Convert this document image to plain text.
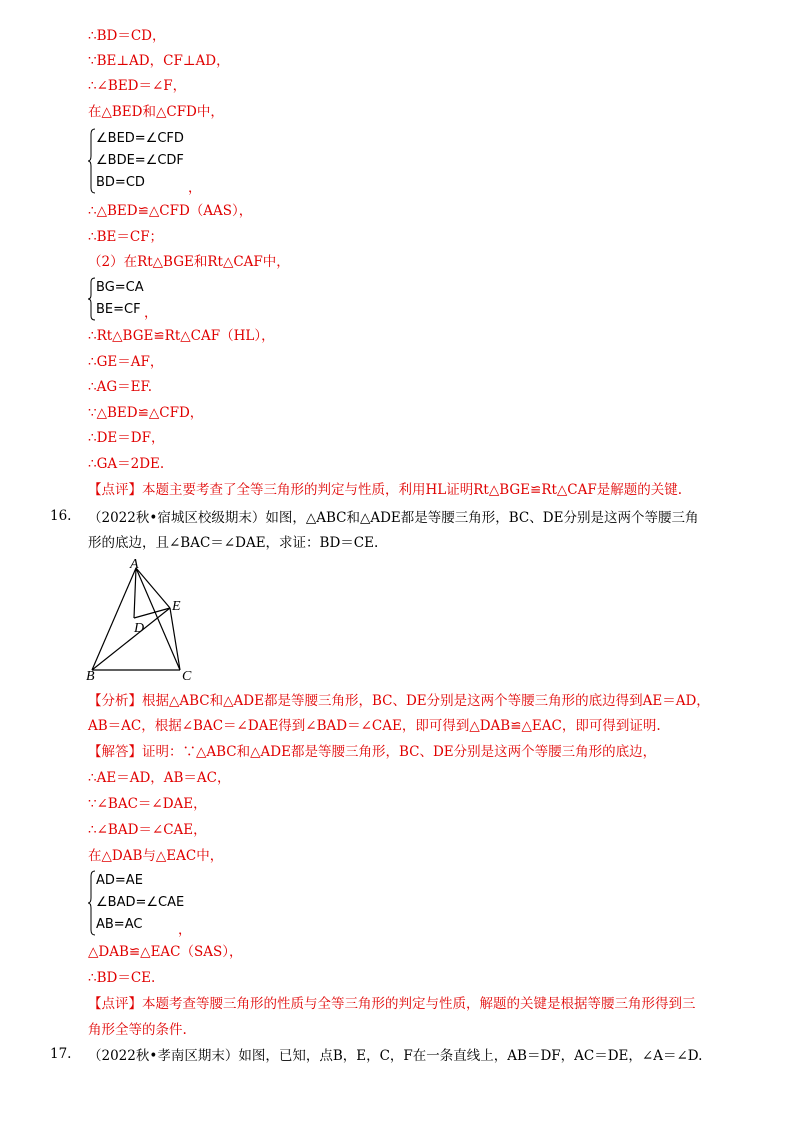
∴BD＝CD，
∵BE⊥AD，CF⊥AD，
∴∠BED＝∠F，
在△BED和△CFD中，
∠BED=∠CFD
∠BDE=∠CDF
BD=CD	，
∴△BED≌△CFD（AAS），
∴BE＝CF；
（2）在Rt△BGE和Rt△CAF中，
BG=CA
BE=CF ，
∴Rt△BGE≌Rt△CAF（HL），
∴GE＝AF，
∴AG＝EF.
∵△BED≌△CFD，
∴DE＝DF，
∴GA＝2DE.
【点评】本题主要考查了全等三角形的判定与性质，利用HL证明Rt△BGE≌Rt△CAF是解题的关键.
16. （2022秋•宿城区校级期末）如图，△ABC和△ADE都是等腰三角形，BC、DE分别是这两个等腰三角
形的底边，且∠BAC＝∠DAE，求证：BD＝CE.
A
B	C
D
E
【分析】根据△ABC和△ADE都是等腰三角形，BC、DE分别是这两个等腰三角形的底边得到AE＝AD，
AB＝AC，根据∠BAC＝∠DAE得到∠BAD＝∠CAE，即可得到△DAB≌△EAC，即可得到证明.
【解答】证明：∵△ABC和△ADE都是等腰三角形，BC、DE分别是这两个等腰三角形的底边，
∴AE＝AD，AB＝AC，
∵∠BAC＝∠DAE，
∴∠BAD＝∠CAE，
在△DAB与△EAC中，
AD=AE
∠BAD=∠CAE
AB=AC	，
△DAB≌△EAC（SAS），
∴BD＝CE.
【点评】本题考查等腰三角形的性质与全等三角形的判定与性质，解题的关键是根据等腰三角形得到三
角形全等的条件.
17. （2022秋•孝南区期末）如图，已知，点B，E，C，F在一条直线上，AB＝DF，AC＝DE，∠A＝∠D.
